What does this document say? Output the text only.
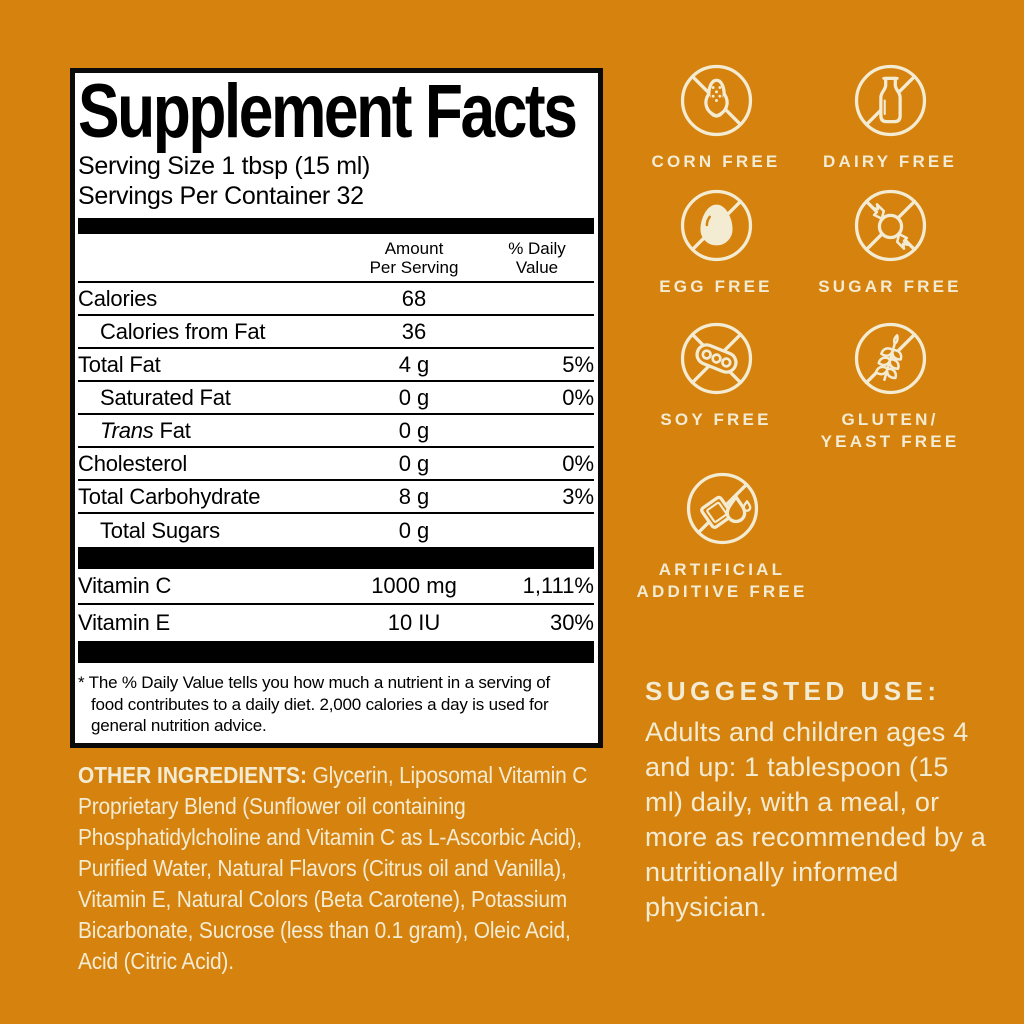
Supplement Facts
Serving Size 1 tbsp (15 ml)
Servings Per Container 32
Amount
Per Serving
% Daily
Value
Calories	68
Calories from Fat	36
Total Fat	4 g	5%
Saturated Fat	0 g	0%
Trans Fat	0 g
Cholesterol	0 g	0%
Total Carbohydrate	8 g	3%
Total Sugars	0 g
Vitamin C	1000 mg	1,111%
Vitamin E	10 IU	30%
* The % Daily Value tells you how much a nutrient in a serving of food contributes to a daily diet. 2,000 calories a day is used for general nutrition advice.

OTHER INGREDIENTS: Glycerin, Liposomal Vitamin C Proprietary Blend (Sunflower oil containing Phosphatidylcholine and Vitamin C as L-Ascorbic Acid), Purified Water, Natural Flavors (Citrus oil and Vanilla), Vitamin E, Natural Colors (Beta Carotene), Potassium Bicarbonate, Sucrose (less than 0.1 gram), Oleic Acid, Acid (Citric Acid).

CORN FREE	DAIRY FREE
EGG FREE	SUGAR FREE
SOY FREE	GLUTEN/
YEAST FREE
ARTIFICIAL
ADDITIVE FREE

SUGGESTED USE:

Adults and children ages 4 and up: 1 tablespoon (15 ml) daily, with a meal, or more as recommended by a nutritionally informed physician.
